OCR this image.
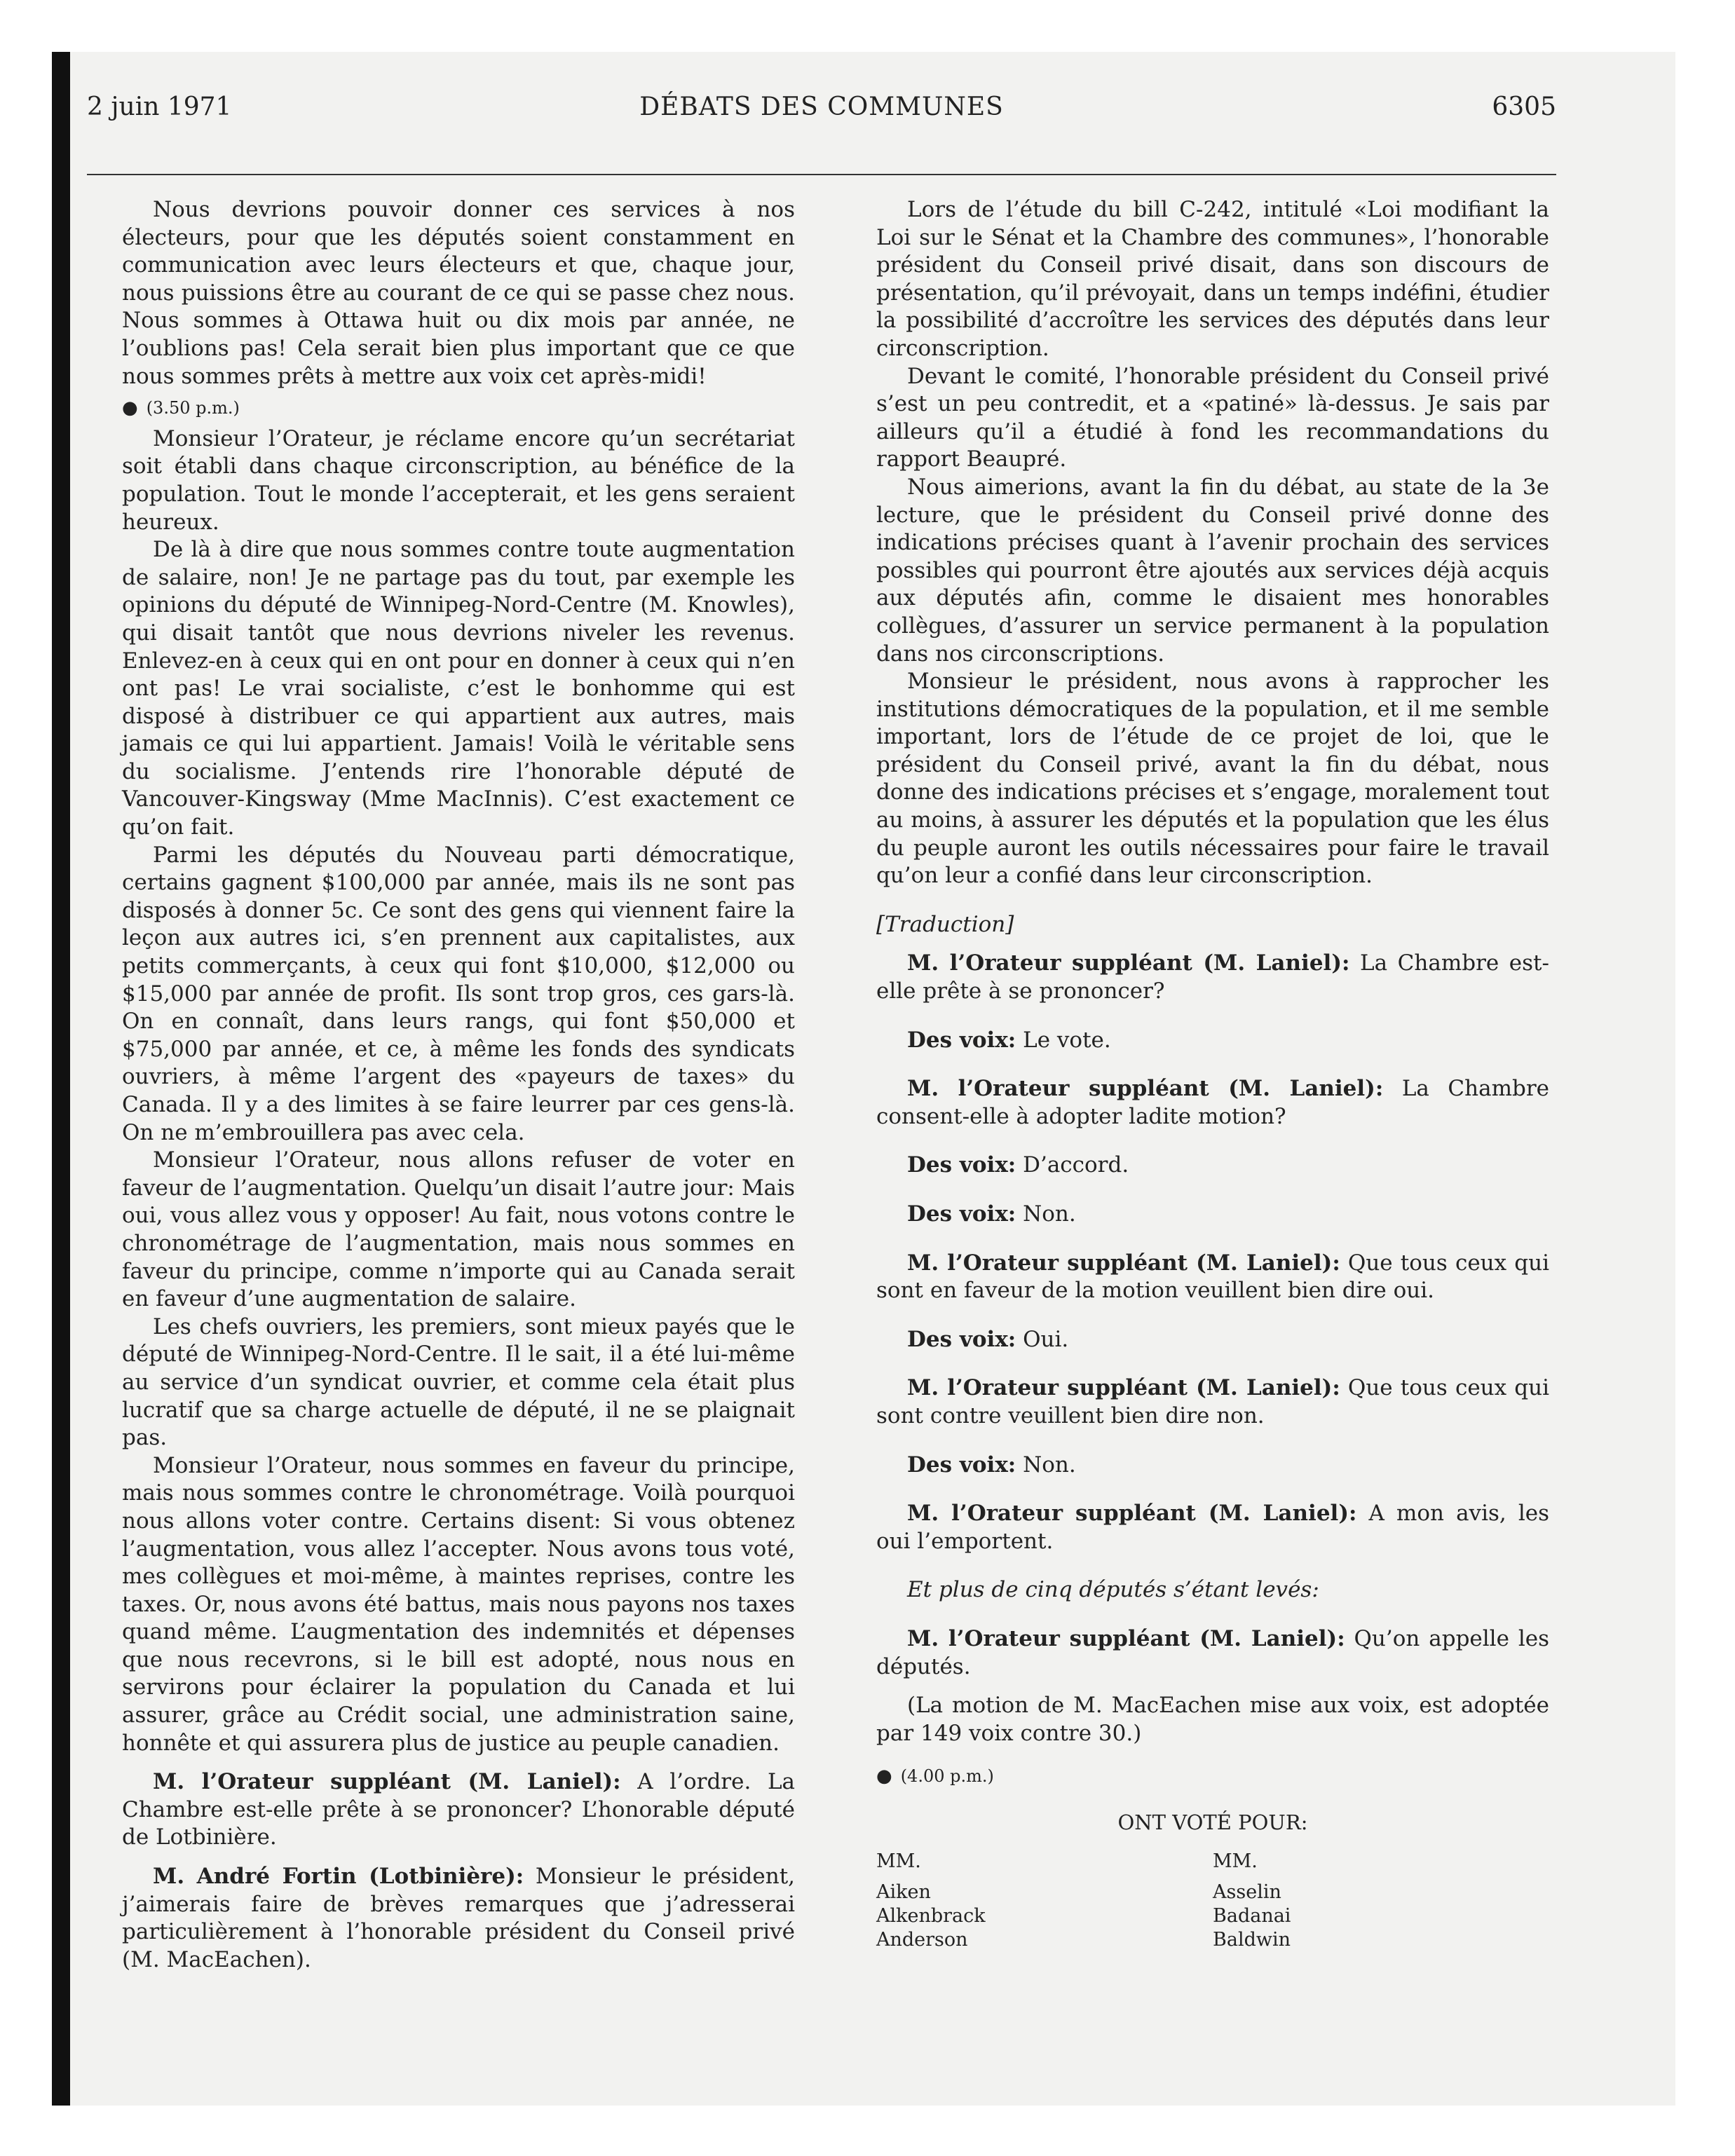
2 juin 1971	DÉBATS DES COMMUNES	6305

Nous devrions pouvoir donner ces services à nos électeurs, pour que les députés soient constamment en communication avec leurs électeurs et que, chaque jour, nous puissions être au courant de ce qui se passe chez nous. Nous sommes à Ottawa huit ou dix mois par année, ne l’oublions pas! Cela serait bien plus important que ce que nous sommes prêts à mettre aux voix cet après-midi!

● (3.50 p.m.)

Monsieur l’Orateur, je réclame encore qu’un secrétariat soit établi dans chaque circonscription, au bénéfice de la population. Tout le monde l’accepterait, et les gens seraient heureux.

De là à dire que nous sommes contre toute augmentation de salaire, non! Je ne partage pas du tout, par exemple les opinions du député de Winnipeg-Nord-Centre (M. Knowles), qui disait tantôt que nous devrions niveler les revenus. Enlevez-en à ceux qui en ont pour en donner à ceux qui n’en ont pas! Le vrai socialiste, c’est le bonhomme qui est disposé à distribuer ce qui appartient aux autres, mais jamais ce qui lui appartient. Jamais! Voilà le véritable sens du socialisme. J’entends rire l’honorable député de Vancouver-Kingsway (Mme MacInnis). C’est exactement ce qu’on fait.

Parmi les députés du Nouveau parti démocratique, certains gagnent $100,000 par année, mais ils ne sont pas disposés à donner 5c. Ce sont des gens qui viennent faire la leçon aux autres ici, s’en prennent aux capitalistes, aux petits commerçants, à ceux qui font $10,000, $12,000 ou $15,000 par année de profit. Ils sont trop gros, ces gars-là. On en connaît, dans leurs rangs, qui font $50,000 et $75,000 par année, et ce, à même les fonds des syndicats ouvriers, à même l’argent des «payeurs de taxes» du Canada. Il y a des limites à se faire leurrer par ces gens-là. On ne m’embrouillera pas avec cela.

Monsieur l’Orateur, nous allons refuser de voter en faveur de l’augmentation. Quelqu’un disait l’autre jour: Mais oui, vous allez vous y opposer! Au fait, nous votons contre le chronométrage de l’augmentation, mais nous sommes en faveur du principe, comme n’importe qui au Canada serait en faveur d’une augmentation de salaire.

Les chefs ouvriers, les premiers, sont mieux payés que le député de Winnipeg-Nord-Centre. Il le sait, il a été lui-même au service d’un syndicat ouvrier, et comme cela était plus lucratif que sa charge actuelle de député, il ne se plaignait pas.

Monsieur l’Orateur, nous sommes en faveur du principe, mais nous sommes contre le chronométrage. Voilà pourquoi nous allons voter contre. Certains disent: Si vous obtenez l’augmentation, vous allez l’accepter. Nous avons tous voté, mes collègues et moi-même, à maintes reprises, contre les taxes. Or, nous avons été battus, mais nous payons nos taxes quand même. L’augmentation des indemnités et dépenses que nous recevrons, si le bill est adopté, nous nous en servirons pour éclairer la population du Canada et lui assurer, grâce au Crédit social, une administration saine, honnête et qui assurera plus de justice au peuple canadien.

M. l’Orateur suppléant (M. Laniel): A l’ordre. La Chambre est-elle prête à se prononcer? L’honorable député de Lotbinière.

M. André Fortin (Lotbinière): Monsieur le président, j’aimerais faire de brèves remarques que j’adresserai particulièrement à l’honorable président du Conseil privé (M. MacEachen).

Lors de l’étude du bill C-242, intitulé «Loi modifiant la Loi sur le Sénat et la Chambre des communes», l’honorable président du Conseil privé disait, dans son discours de présentation, qu’il prévoyait, dans un temps indéfini, étudier la possibilité d’accroître les services des députés dans leur circonscription.

Devant le comité, l’honorable président du Conseil privé s’est un peu contredit, et a «patiné» là-dessus. Je sais par ailleurs qu’il a étudié à fond les recommandations du rapport Beaupré.

Nous aimerions, avant la fin du débat, au state de la 3e lecture, que le président du Conseil privé donne des indications précises quant à l’avenir prochain des services possibles qui pourront être ajoutés aux services déjà acquis aux députés afin, comme le disaient mes honorables collègues, d’assurer un service permanent à la population dans nos circonscriptions.

Monsieur le président, nous avons à rapprocher les institutions démocratiques de la population, et il me semble important, lors de l’étude de ce projet de loi, que le président du Conseil privé, avant la fin du débat, nous donne des indications précises et s’engage, moralement tout au moins, à assurer les députés et la population que les élus du peuple auront les outils nécessaires pour faire le travail qu’on leur a confié dans leur circonscription.

[Traduction]

M. l’Orateur suppléant (M. Laniel): La Chambre est-elle prête à se prononcer?

Des voix: Le vote.

M. l’Orateur suppléant (M. Laniel): La Chambre consent-elle à adopter ladite motion?

Des voix: D’accord.

Des voix: Non.

M. l’Orateur suppléant (M. Laniel): Que tous ceux qui sont en faveur de la motion veuillent bien dire oui.

Des voix: Oui.

M. l’Orateur suppléant (M. Laniel): Que tous ceux qui sont contre veuillent bien dire non.

Des voix: Non.

M. l’Orateur suppléant (M. Laniel): A mon avis, les oui l’emportent.

Et plus de cinq députés s’étant levés:

M. l’Orateur suppléant (M. Laniel): Qu’on appelle les députés.

(La motion de M. MacEachen mise aux voix, est adoptée par 149 voix contre 30.)

● (4.00 p.m.)

ONT VOTÉ POUR:

MM.
Aiken
Alkenbrack
Anderson
MM.
Asselin
Badanai
Baldwin
